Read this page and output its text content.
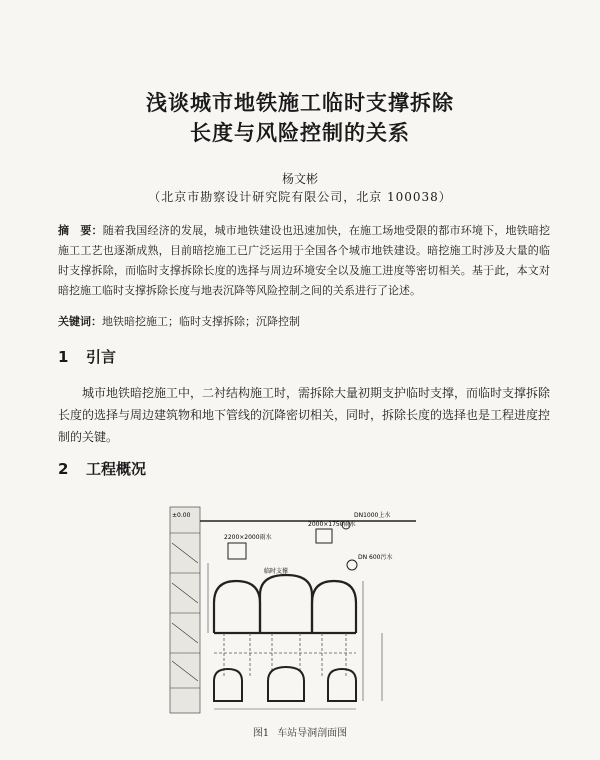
浅谈城市地铁施工临时支撑拆除
长度与风险控制的关系
杨文彬
（北京市勘察设计研究院有限公司，北京 100038）
摘　要：随着我国经济的发展，城市地铁建设也迅速加快，在施工场地受限的都市环境下，地铁暗挖施工工艺也逐渐成熟，目前暗挖施工已广泛运用于全国各个城市地铁建设。暗挖施工时涉及大量的临时支撑拆除，而临时支撑拆除长度的选择与周边环境安全以及施工进度等密切相关。基于此，本文对暗挖施工临时支撑拆除长度与地表沉降等风险控制之间的关系进行了论述。
关键词：地铁暗挖施工；临时支撑拆除；沉降控制
1 引言
城市地铁暗挖施工中，二衬结构施工时，需拆除大量初期支护临时支撑，而临时支撑拆除长度的选择与周边建筑物和地下管线的沉降密切相关，同时，拆除长度的选择也是工程进度控制的关键。
2 工程概况
±0.00
2200×2000雨水
2000×1750雨水
DN1000上水
DN 600污水
临时支撑
图1 车站导洞剖面图
